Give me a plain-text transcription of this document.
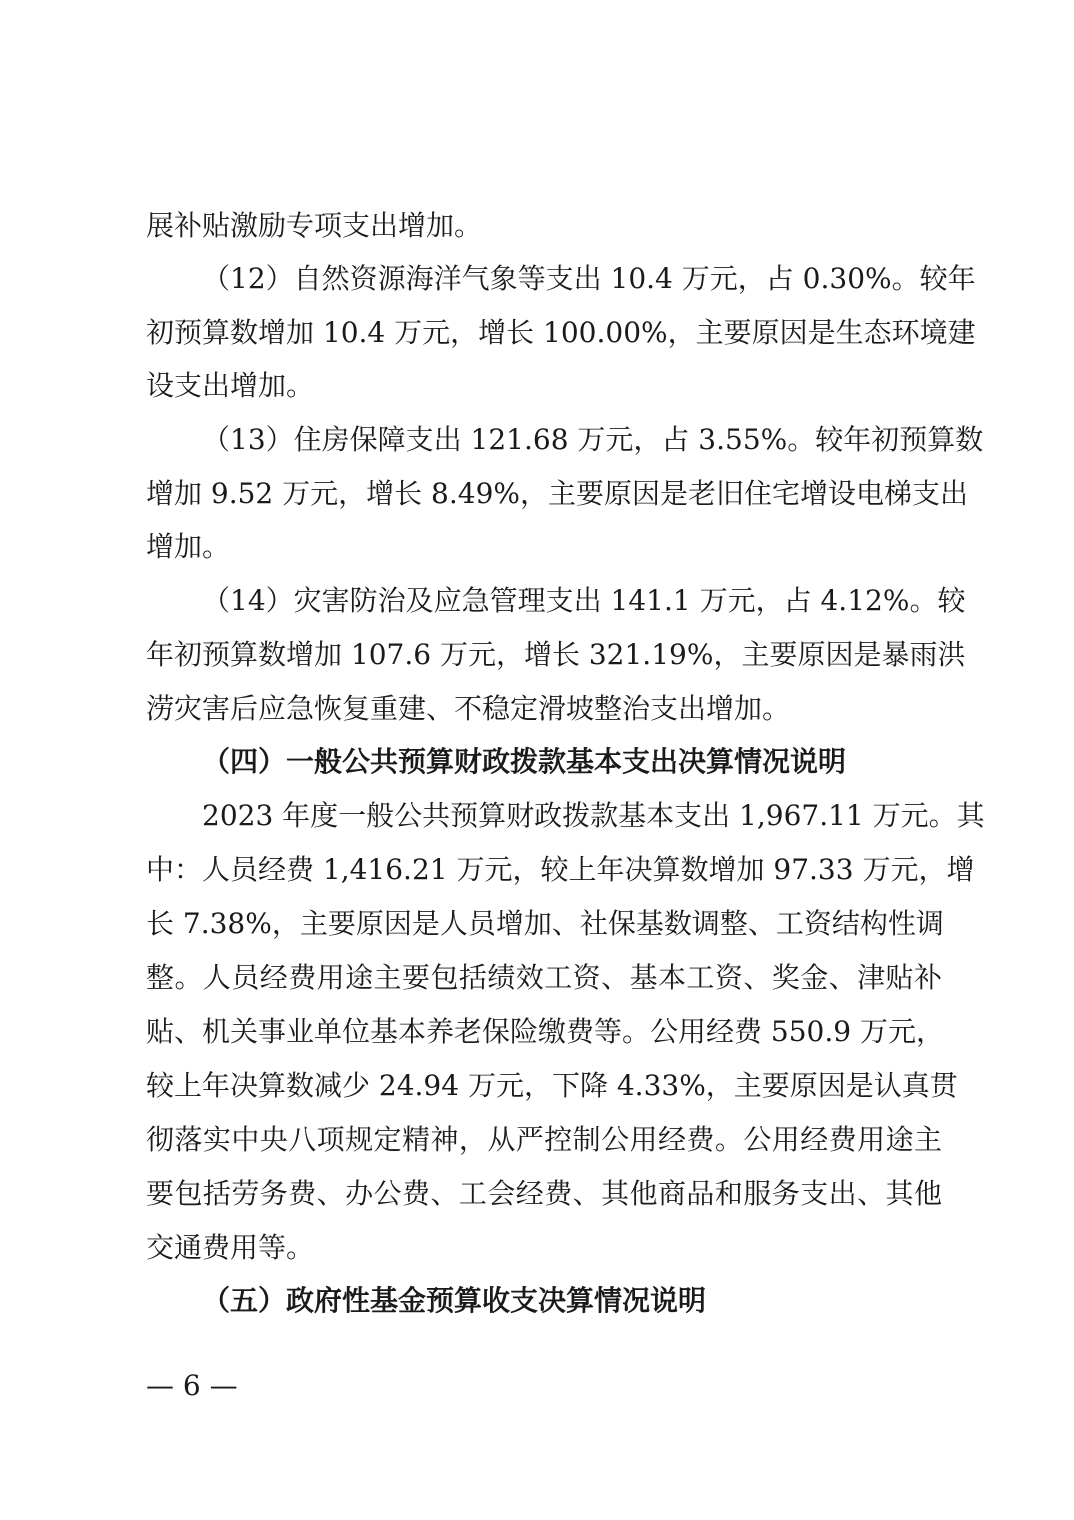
展补贴激励专项支出增加。
（12）自然资源海洋气象等支出 10.4 万元，占 0.30%。较年
初预算数增加 10.4 万元，增长 100.00%，主要原因是生态环境建
设支出增加。
（13）住房保障支出 121.68 万元，占 3.55%。较年初预算数
增加 9.52 万元，增长 8.49%，主要原因是老旧住宅增设电梯支出
增加。
（14）灾害防治及应急管理支出 141.1 万元，占 4.12%。较
年初预算数增加 107.6 万元，增长 321.19%，主要原因是暴雨洪
涝灾害后应急恢复重建、不稳定滑坡整治支出增加。
（四）一般公共预算财政拨款基本支出决算情况说明
2023 年度一般公共预算财政拨款基本支出 1,967.11 万元。其
中：人员经费 1,416.21 万元，较上年决算数增加 97.33 万元，增
长 7.38%，主要原因是人员增加、社保基数调整、工资结构性调
整。人员经费用途主要包括绩效工资、基本工资、奖金、津贴补
贴、机关事业单位基本养老保险缴费等。公用经费 550.9 万元，
较上年决算数减少 24.94 万元，下降 4.33%，主要原因是认真贯
彻落实中央八项规定精神，从严控制公用经费。公用经费用途主
要包括劳务费、办公费、工会经费、其他商品和服务支出、其他
交通费用等。
（五）政府性基金预算收支决算情况说明
— 6 —
